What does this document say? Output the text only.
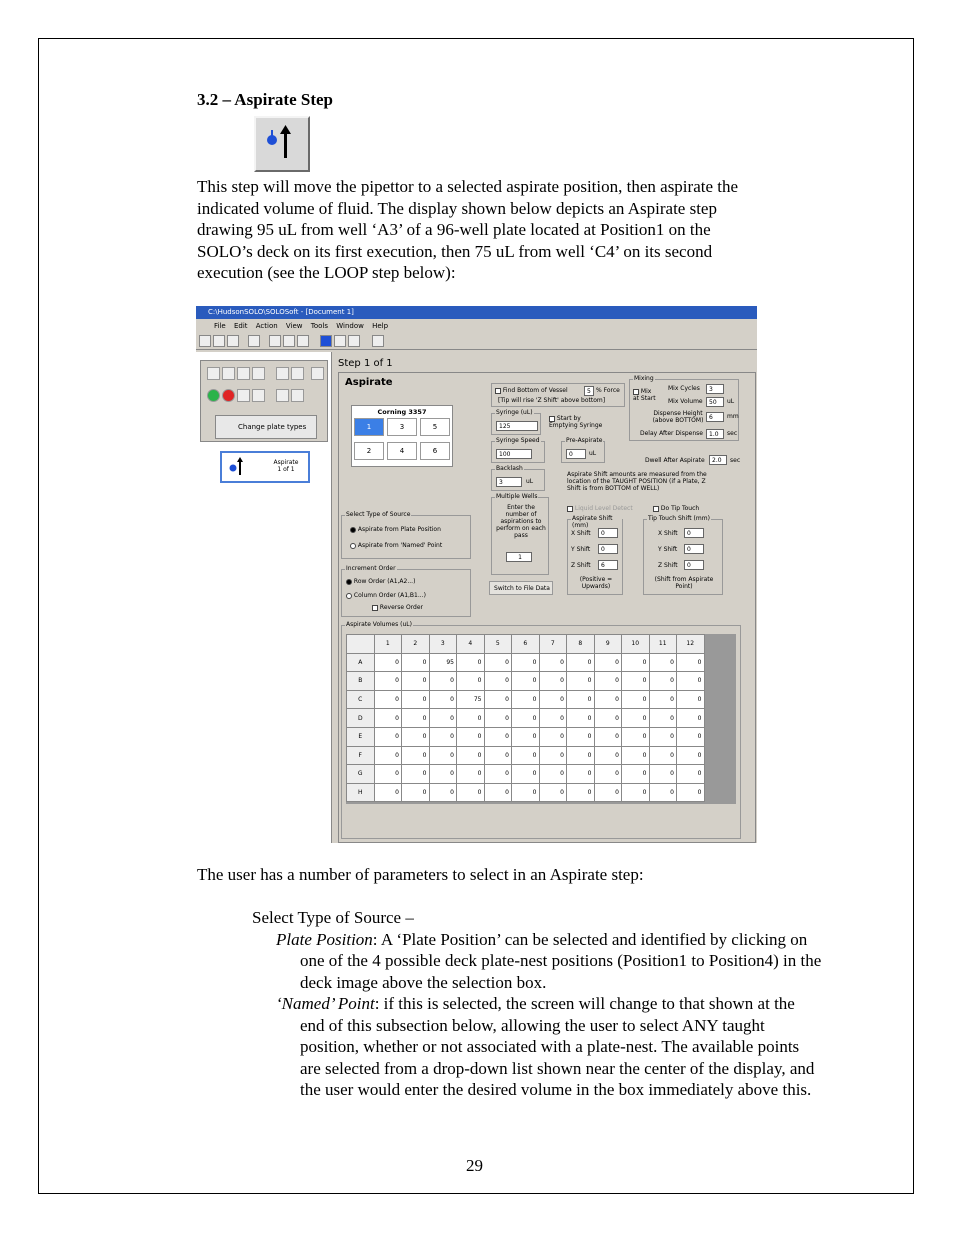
3.2 – Aspirate Step

This step will move the pipettor to a selected aspirate position, then aspirate the

indicated volume of fluid. The display shown below depicts an Aspirate step

drawing 95 uL from well ‘A3’ of a 96-well plate located at Position1 on the

SOLO’s deck on its first execution, then 75 uL from well ‘C4’ on its second

execution (see the LOOP step below):

C:\HudsonSOLO\SOLOSoft - [Document 1]
File Edit Action View Tools Window Help
Change plate types
Aspirate
1 of 1
Step 1 of 1
Aspirate
Corning 3357
1	3	5
2	4	6
Find Bottom of Vessel	5 % Force
[Tip will rise 'Z Shift' above bottom]
Mixing
Mix at Start
Mix Cycles	3
Mix Volume	50	uL
Dispense Height (above BOTTOM) 6	mm
Delay After Dispense	1.0	sec
Dwell After Aspirate	2.0	sec
Syringe (uL)
125
Start by Emptying Syringe
Syringe Speed
100
Pre-Aspirate
0	uL
Backlash
3	uL
Aspirate Shift amounts are measured from the location of the TAUGHT POSITION (if a Plate, Z Shift is from BOTTOM of WELL)
Multiple Wells
Enter the number of aspirations to perform on each pass
1
Switch to File Data
Liquid Level Detect	Do Tip Touch
Aspirate Shift (mm)
X Shift	0
Y Shift	0
Z Shift	6
(Positive = Upwards)
Tip Touch Shift (mm)
X Shift	0
Y Shift	0
Z Shift	0
(Shift from Aspirate Point)
Select Type of Source
Aspirate from Plate Position
Aspirate from 'Named' Point
Increment Order
Row Order (A1,A2...)
Column Order (A1,B1...)
Reverse Order
Aspirate Volumes (uL)
	1	2	3	4	5	6	7	8	9	10	11	12
A	0	0	95	0	0	0	0	0	0	0	0	0
B	0	0	0	0	0	0	0	0	0	0	0	0
C	0	0	0	75	0	0	0	0	0	0	0	0
D	0	0	0	0	0	0	0	0	0	0	0	0
E	0	0	0	0	0	0	0	0	0	0	0	0
F	0	0	0	0	0	0	0	0	0	0	0	0
G	0	0	0	0	0	0	0	0	0	0	0	0
H	0	0	0	0	0	0	0	0	0	0	0	0
The user has a number of parameters to select in an Aspirate step:
Select Type of Source –
Plate Position: A ‘Plate Position’ can be selected and identified by clicking on one of the 4 possible deck plate-nest positions (Position1 to Position4) in the deck image above the selection box.
‘Named’ Point: if this is selected, the screen will change to that shown at the end of this subsection below, allowing the user to select ANY taught position, whether or not associated with a plate-nest. The available points are selected from a drop-down list shown near the center of the display, and the user would enter the desired volume in the box immediately above this.
29
